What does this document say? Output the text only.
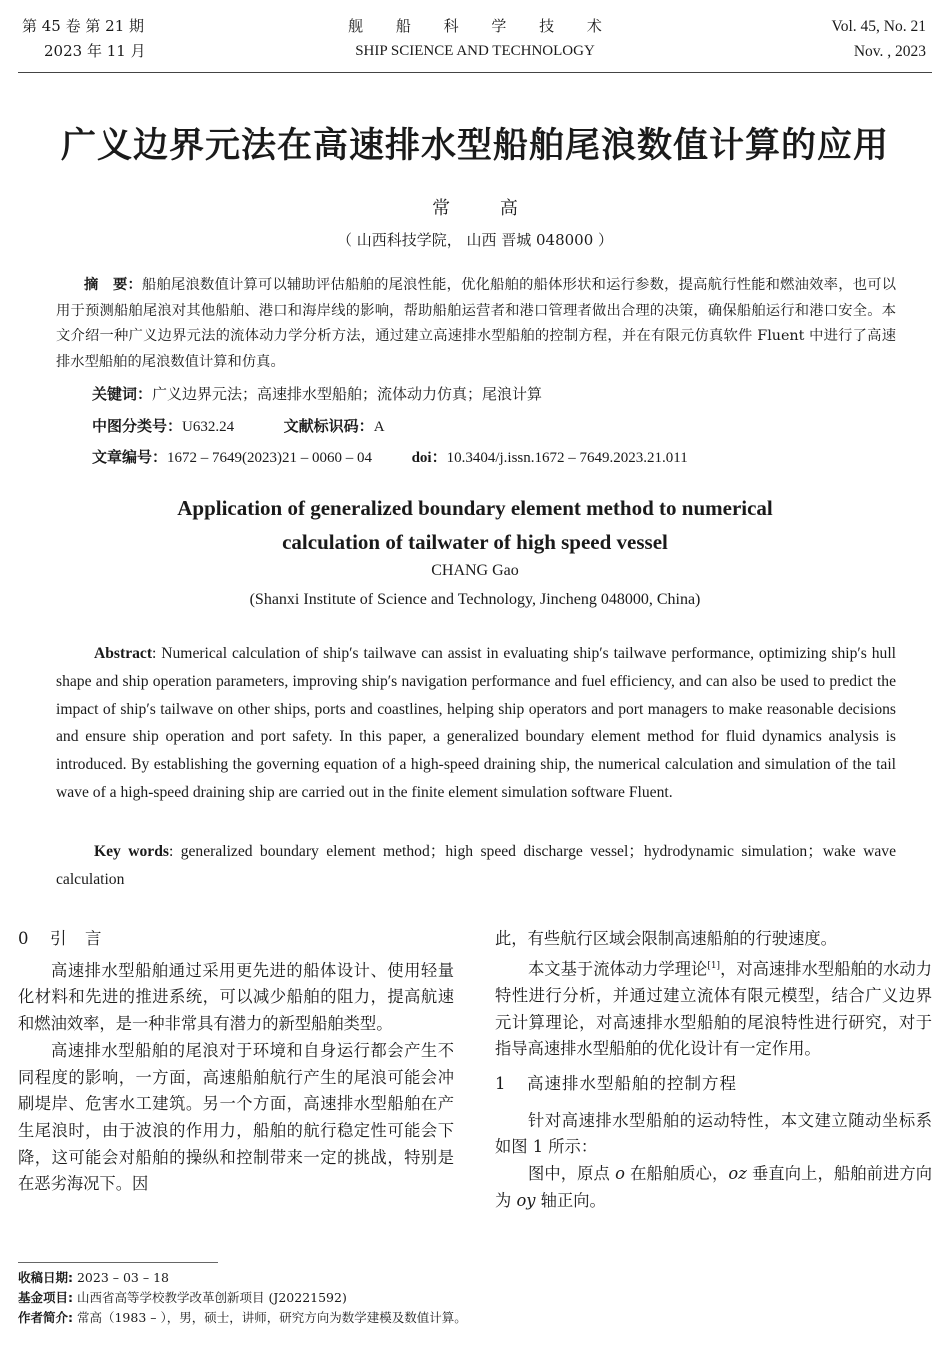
第 45 卷 第 21 期
2023 年 11 月
舰 船 科 学 技 术
SHIP SCIENCE AND TECHNOLOGY
Vol. 45, No. 21
Nov. , 2023
广义边界元法在高速排水型船舶尾浪数值计算的应用
常 高
（ 山西科技学院， 山西 晋城 048000 ）
摘　要：船舶尾浪数值计算可以辅助评估船舶的尾浪性能，优化船舶的船体形状和运行参数，提高航行性能和燃油效率，也可以用于预测船舶尾浪对其他船舶、港口和海岸线的影响，帮助船舶运营者和港口管理者做出合理的决策，确保船舶运行和港口安全。本文介绍一种广义边界元法的流体动力学分析方法，通过建立高速排水型船舶的控制方程，并在有限元仿真软件 Fluent 中进行了高速排水型船舶的尾浪数值计算和仿真。
关键词：广义边界元法；高速排水型船舶；流体动力仿真；尾浪计算
中图分类号：U632.24	文献标识码：A
文章编号：1672 – 7649(2023)21 – 0060 – 04	doi：10.3404/j.issn.1672 – 7649.2023.21.011
Application of generalized boundary element method to numerical
calculation of tailwater of high speed vessel
CHANG Gao
(Shanxi Institute of Science and Technology, Jincheng 048000, China)

Abstract: Numerical calculation of ship′s tailwave can assist in evaluating ship′s tailwave performance, optimizing ship′s hull shape and ship operation parameters, improving ship′s navigation performance and fuel efficiency, and can also be used to predict the impact of ship′s tailwave on other ships, ports and coastlines, helping ship operators and port managers to make reasonable decisions and ensure ship operation and port safety. In this paper, a generalized boundary element method for fluid dynamics analysis is introduced. By establishing the governing equation of a high-speed draining ship, the numerical calculation and simulation of the tail wave of a high-speed draining ship are carried out in the finite element simulation software Fluent.

Key words: generalized boundary element method；high speed discharge vessel；hydrodynamic simulation；wake wave calculation

0 引　言

高速排水型船舶通过采用更先进的船体设计、使用轻量化材料和先进的推进系统，可以减少船舶的阻力，提高航速和燃油效率，是一种非常具有潜力的新型船舶类型。

高速排水型船舶的尾浪对于环境和自身运行都会产生不同程度的影响，一方面，高速船舶航行产生的尾浪可能会冲刷堤岸、危害水工建筑。另一个方面，高速排水型船舶在产生尾浪时，由于波浪的作用力，船舶的航行稳定性可能会下降，这可能会对船舶的操纵和控制带来一定的挑战，特别是在恶劣海况下。因

此，有些航行区域会限制高速船舶的行驶速度。

本文基于流体动力学理论[1]，对高速排水型船舶的水动力特性进行分析，并通过建立流体有限元模型，结合广义边界元计算理论，对高速排水型船舶的尾浪特性进行研究，对于指导高速排水型船舶的优化设计有一定作用。

1 高速排水型船舶的控制方程

针对高速排水型船舶的运动特性，本文建立随动坐标系如图 1 所示：

图中，原点 o 在船舶质心，oz 垂直向上，船舶前进方向为 oy 轴正向。

收稿日期: 2023 – 03 – 18
基金项目: 山西省高等学校教学改革创新项目 (J20221592)
作者简介: 常高（1983 – ），男，硕士，讲师，研究方向为数学建模及数值计算。
